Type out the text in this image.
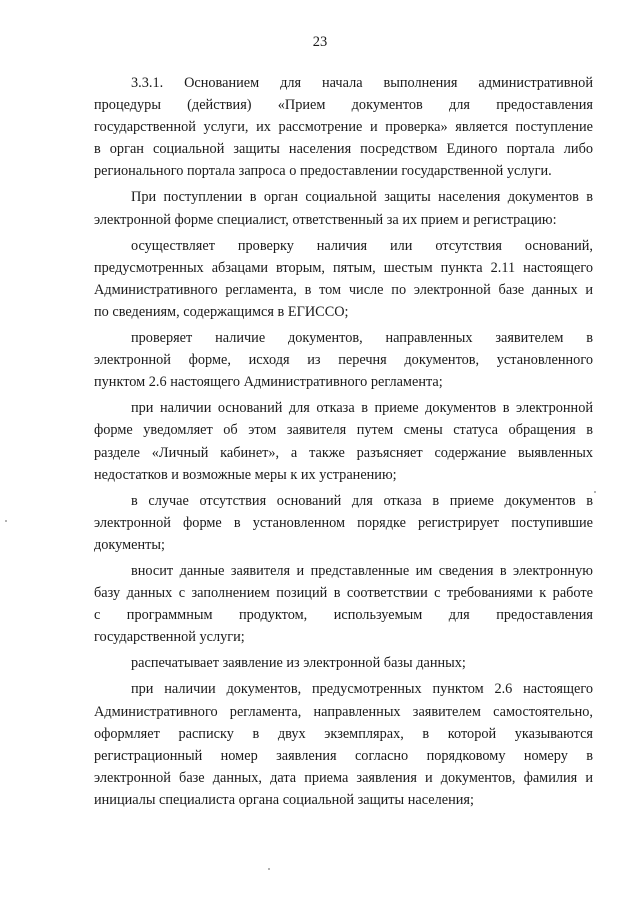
23
3.3.1. Основанием для начала выполнения административной
процедуры (действия) «Прием документов для предоставления
государственной услуги, их рассмотрение и проверка» является поступление
в орган социальной защиты населения посредством Единого портала либо
регионального портала запроса о предоставлении государственной услуги.
При поступлении в орган социальной защиты населения документов в
электронной форме специалист, ответственный за их прием и регистрацию:
осуществляет проверку наличия или отсутствия оснований,
предусмотренных абзацами вторым, пятым, шестым пункта 2.11 настоящего
Административного регламента, в том числе по электронной базе данных и
по сведениям, содержащимся в ЕГИССО;
проверяет наличие документов, направленных заявителем в
электронной форме, исходя из перечня документов, установленного
пунктом 2.6 настоящего Административного регламента;
при наличии оснований для отказа в приеме документов в электронной
форме уведомляет об этом заявителя путем смены статуса обращения в
разделе «Личный кабинет», а также разъясняет содержание выявленных
недостатков и возможные меры к их устранению;
в случае отсутствия оснований для отказа в приеме документов в
электронной форме в установленном порядке регистрирует поступившие
документы;
вносит данные заявителя и представленные им сведения в электронную
базу данных с заполнением позиций в соответствии с требованиями к работе
с программным продуктом, используемым для предоставления
государственной услуги;
распечатывает заявление из электронной базы данных;
при наличии документов, предусмотренных пунктом 2.6 настоящего
Административного регламента, направленных заявителем самостоятельно,
оформляет расписку в двух экземплярах, в которой указываются
регистрационный номер заявления согласно порядковому номеру в
электронной базе данных, дата приема заявления и документов, фамилия и
инициалы специалиста органа социальной защиты населения;
